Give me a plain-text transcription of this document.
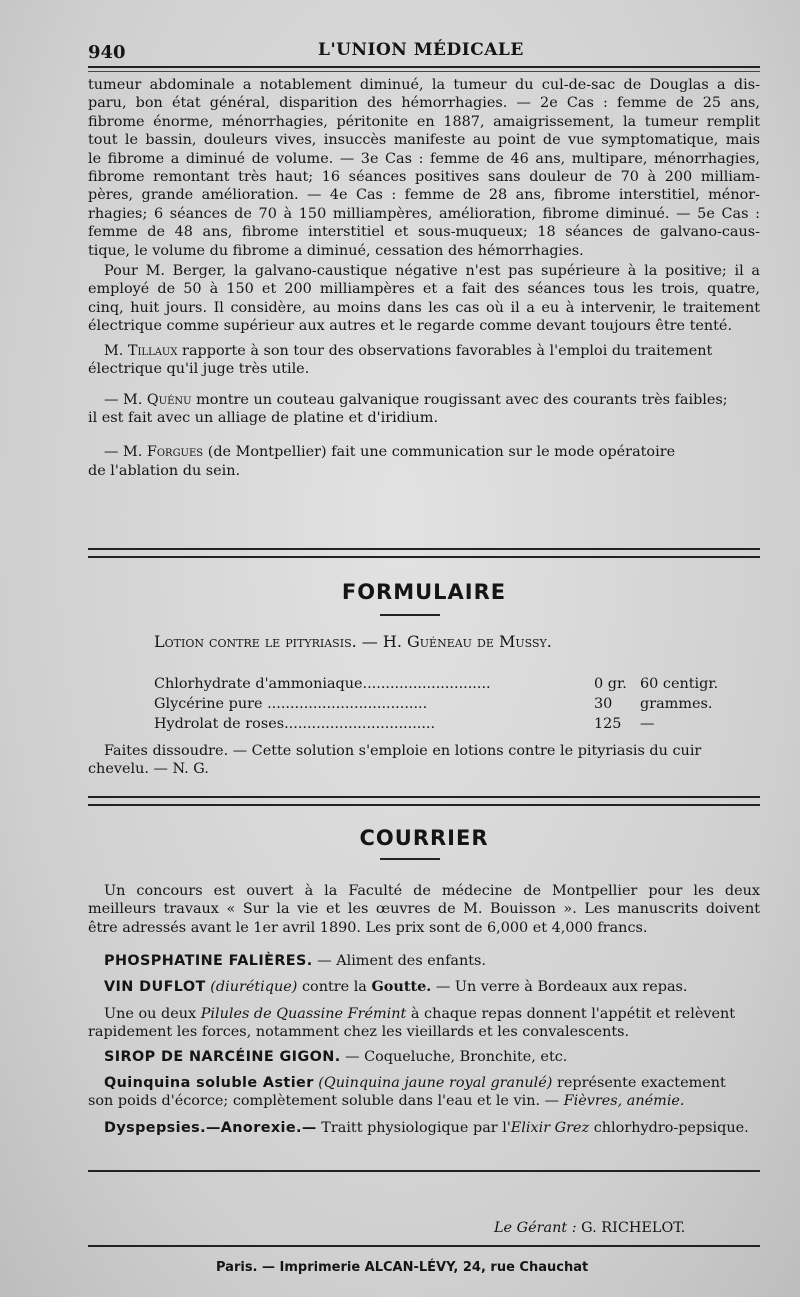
940	L'UNION MÉDICALE
tumeur abdominale a notablement diminué, la tumeur du cul-de-sac de Douglas a dis-
paru, bon état général, disparition des hémorrhagies. — 2e Cas : femme de 25 ans,
fibrome énorme, ménorrhagies, péritonite en 1887, amaigrissement, la tumeur remplit
tout le bassin, douleurs vives, insuccès manifeste au point de vue symptomatique, mais
le fibrome a diminué de volume. — 3e Cas : femme de 46 ans, multipare, ménorrhagies,
fibrome remontant très haut; 16 séances positives sans douleur de 70 à 200 milliam-
pères, grande amélioration. — 4e Cas : femme de 28 ans, fibrome interstitiel, ménor-
rhagies; 6 séances de 70 à 150 milliampères, amélioration, fibrome diminué. — 5e Cas :
femme de 48 ans, fibrome interstitiel et sous-muqueux; 18 séances de galvano-caus-
tique, le volume du fibrome a diminué, cessation des hémorrhagies.
Pour M. Berger, la galvano-caustique négative n'est pas supérieure à la positive; il a
employé de 50 à 150 et 200 milliampères et a fait des séances tous les trois, quatre,
cinq, huit jours. Il considère, au moins dans les cas où il a eu à intervenir, le traitement
électrique comme supérieur aux autres et le regarde comme devant toujours être tenté.

M. Tillaux rapporte à son tour des observations favorables à l'emploi du traitement
électrique qu'il juge très utile.

— M. Quénu montre un couteau galvanique rougissant avec des courants très faibles;
il est fait avec un alliage de platine et d'iridium.

— M. Forgues (de Montpellier) fait une communication sur le mode opératoire
de l'ablation du sein.

FORMULAIRE
Lotion contre le pityriasis. — H. Guéneau de Mussy.
Chlorhydrate d'ammoniaque............................	0 gr. 60 centigr.
Glycérine pure ...................................	30 grammes.
Hydrolat de roses.................................	125 —

Faites dissoudre. — Cette solution s'emploie en lotions contre le pityriasis du cuir
chevelu. — N. G.

COURRIER
Un concours est ouvert à la Faculté de médecine de Montpellier pour les deux
meilleurs travaux « Sur la vie et les œuvres de M. Bouisson ». Les manuscrits doivent
être adressés avant le 1er avril 1890. Les prix sont de 6,000 et 4,000 francs.

PHOSPHATINE FALIÈRES. — Aliment des enfants.

VIN DUFLOT (diurétique) contre la Goutte. — Un verre à Bordeaux aux repas.

Une ou deux Pilules de Quassine Frémint à chaque repas donnent l'appétit et relèvent
rapidement les forces, notamment chez les vieillards et les convalescents.

SIROP DE NARCÉINE GIGON. — Coqueluche, Bronchite, etc.

Quinquina soluble Astier (Quinquina jaune royal granulé) représente exactement
son poids d'écorce; complètement soluble dans l'eau et le vin. — Fièvres, anémie.

Dyspepsies.—Anorexie.— Traitt physiologique par l'Elixir Grez chlorhydro-pepsique.

Le Gérant : G. RICHELOT.
Paris. — Imprimerie ALCAN-LÉVY, 24, rue Chauchat
